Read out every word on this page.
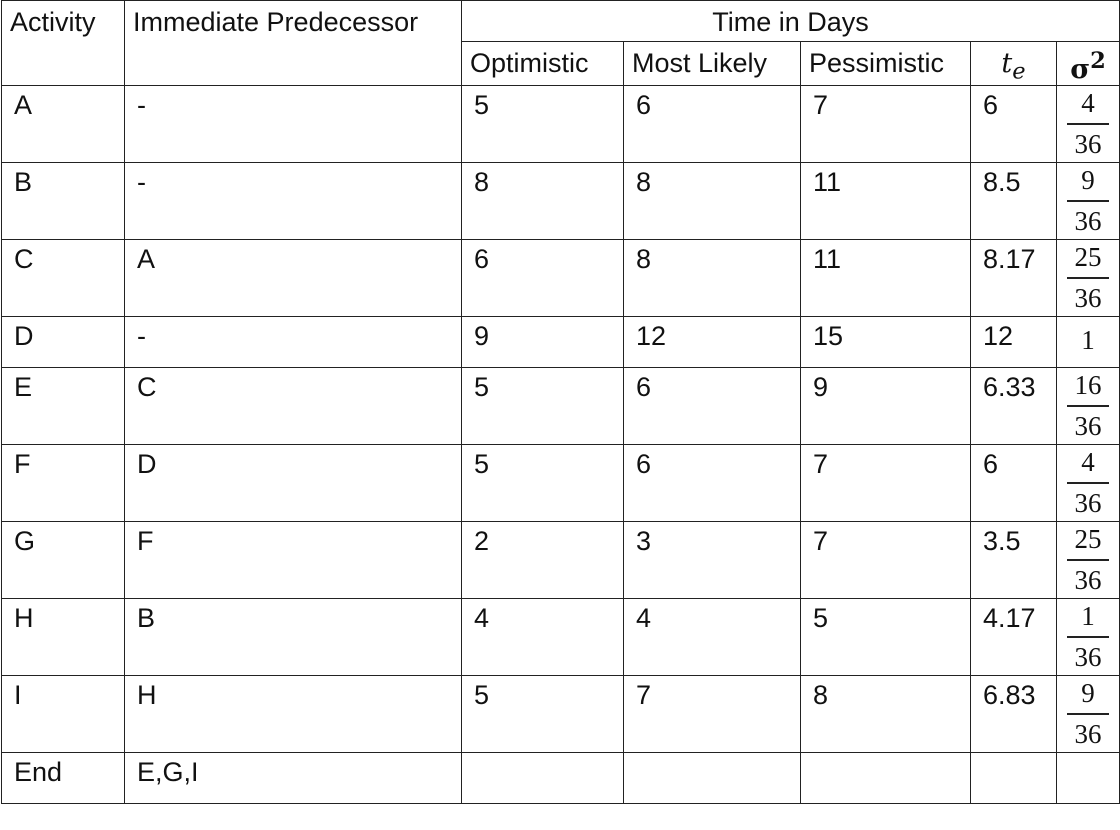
Activity	Immediate Predecessor	Time in Days				
		Optimistic	Most Likely	Pessimistic	$t_e$	$\sigma^2$
A	-	5	6	7	6	$\frac{4}{36}$

B	-	8	8	11	8.5	$\frac{9}{36}$

C	A	6	8	11	8.17	$\frac{25}{36}$

D	-	9	12	15	12	1
E	C	5	6	9	6.33	$\frac{16}{36}$

F	D	5	6	7	6	$\frac{4}{36}$

G	F	2	3	7	3.5	$\frac{25}{36}$

H	B	4	4	5	4.17	$\frac{1}{36}$

I	H	5	7	8	6.83	$\frac{9}{36}$

End	E,G,I					
